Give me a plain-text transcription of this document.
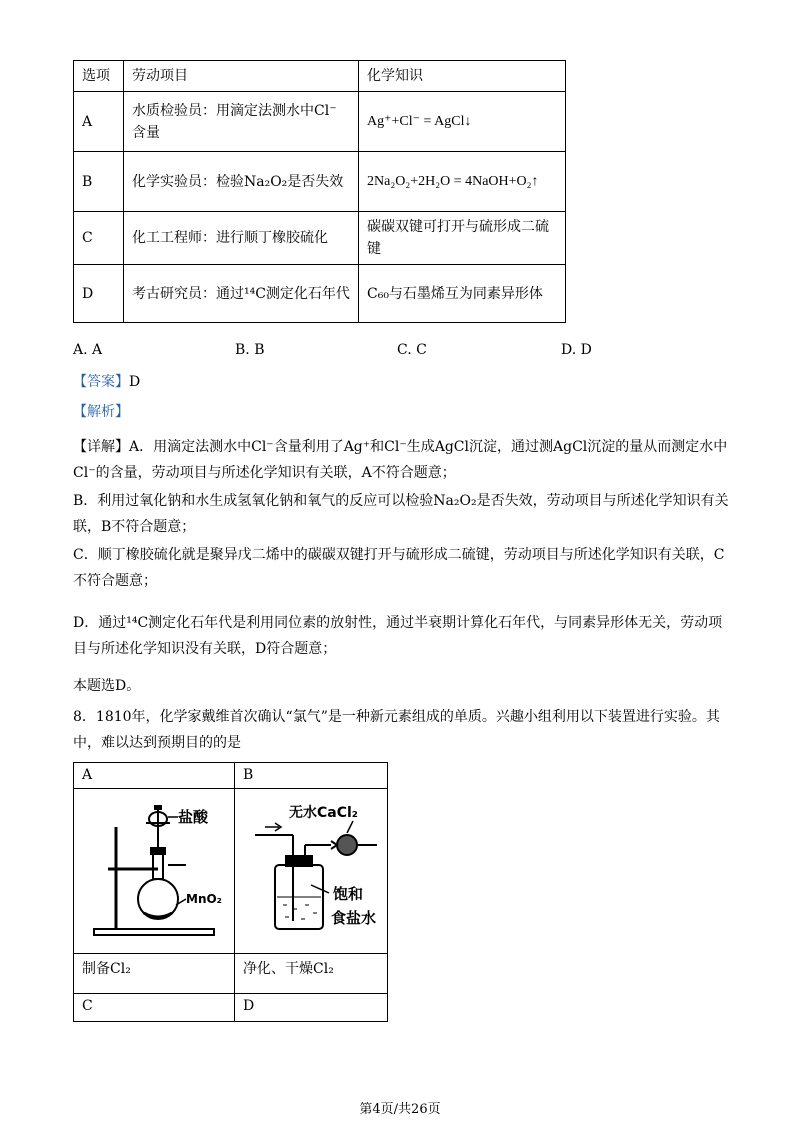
选项	劳动项目	化学知识
A	水质检验员：用滴定法测水中Cl⁻含量	Ag⁺+Cl⁻ = AgCl↓
B	化学实验员：检验Na₂O₂是否失效	2Na₂O₂+2H₂O = 4NaOH+O₂↑
C	化工工程师：进行顺丁橡胶硫化	碳碳双键可打开与硫形成二硫键
D	考古研究员：通过¹⁴C测定化石年代	C₆₀与石墨烯互为同素异形体
A. A	B. B	C. C	D. D
【答案】D
【解析】
【详解】A．用滴定法测水中Cl⁻含量利用了Ag⁺和Cl⁻生成AgCl沉淀，通过测AgCl沉淀的量从而测定水中Cl⁻的含量，劳动项目与所述化学知识有关联，A不符合题意；
B．利用过氧化钠和水生成氢氧化钠和氧气的反应可以检验Na₂O₂是否失效，劳动项目与所述化学知识有关联，B不符合题意；
C．顺丁橡胶硫化就是聚异戊二烯中的碳碳双键打开与硫形成二硫键，劳动项目与所述化学知识有关联，C不符合题意；
D．通过¹⁴C测定化石年代是利用同位素的放射性，通过半衰期计算化石年代，与同素异形体无关，劳动项目与所述化学知识没有关联，D符合题意；
本题选D。
8．1810年，化学家戴维首次确认“氯气”是一种新元素组成的单质。兴趣小组利用以下装置进行实验。其中，难以达到预期目的的是
A	B

盐酸
MnO₂	无水CaCl₂
饱和
食盐水

制备Cl₂	净化、干燥Cl₂
C	D
第4页/共26页
